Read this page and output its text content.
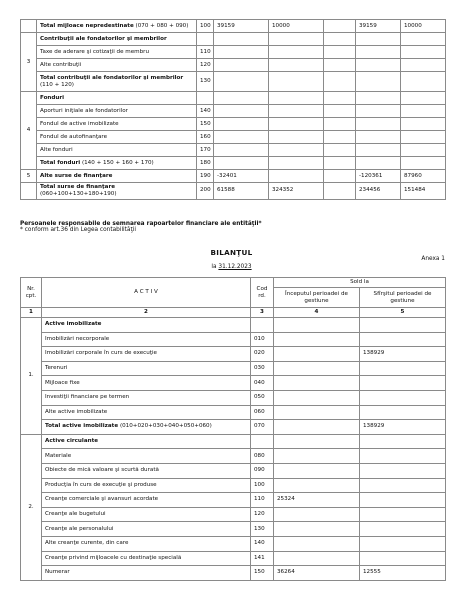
	Total mijloace nepredestinate (070 + 080 + 090)	100	39159	10000		39159	10000
3	Contribuţii ale fondatorilor şi membrilor						
	Taxe de aderare şi cotizaţii de membru	110					
	Alte contribuţii	120					
	Total contribuţii ale fondatorilor şi membrilor (110 + 120)	130					
4	Fonduri						
	Aporturi iniţiale ale fondatorilor	140					
	Fondul de active imobilizate	150					
	Fondul de autofinanţare	160					
	Alte fonduri	170					
	Total fonduri (140 + 150 + 160 + 170)	180					
5	Alte surse de finanţare	190	-32401			-120361	87960
	Total surse de finanţare (060+100+130+180+190)	200	61588	324352		234456	151484
Persoanele responsabile de semnarea rapoartelor financiare ale entităţii*
* conform art.36 din Legea contabilităţii
BILANŢUL
Anexa 1
la 31.12.2023
Nr. cpt.	A C T I V	Cod rd.	Sold la	
			Începutul perioadei de gestiune	Sfîrşitul perioadei de gestiune
1	2	3	4	5
1.	Active imobilizate			
	Imobilizări necorporale	010		
	Imobilizări corporale în curs de execuţie	020		138929
	Terenuri	030		
	Mijloace fixe	040		
	Investiţii financiare pe termen	050		
	Alte active imobilizate	060		
	Total active imobilizate (010+020+030+040+050+060)	070		138929
2.	Active circulante			
	Materiale	080		
	Obiecte de mică valoare şi scurtă durată	090		
	Producţia în curs de execuţie şi produse	100		
	Creanţe comerciale şi avansuri acordate	110	25324	
	Creanţe ale bugetului	120		
	Creanţe ale personalului	130		
	Alte creanţe curente, din care	140		
	Creanţe privind mijloacele cu destinaţie specială	141		
	Numerar	150	36264	12555
